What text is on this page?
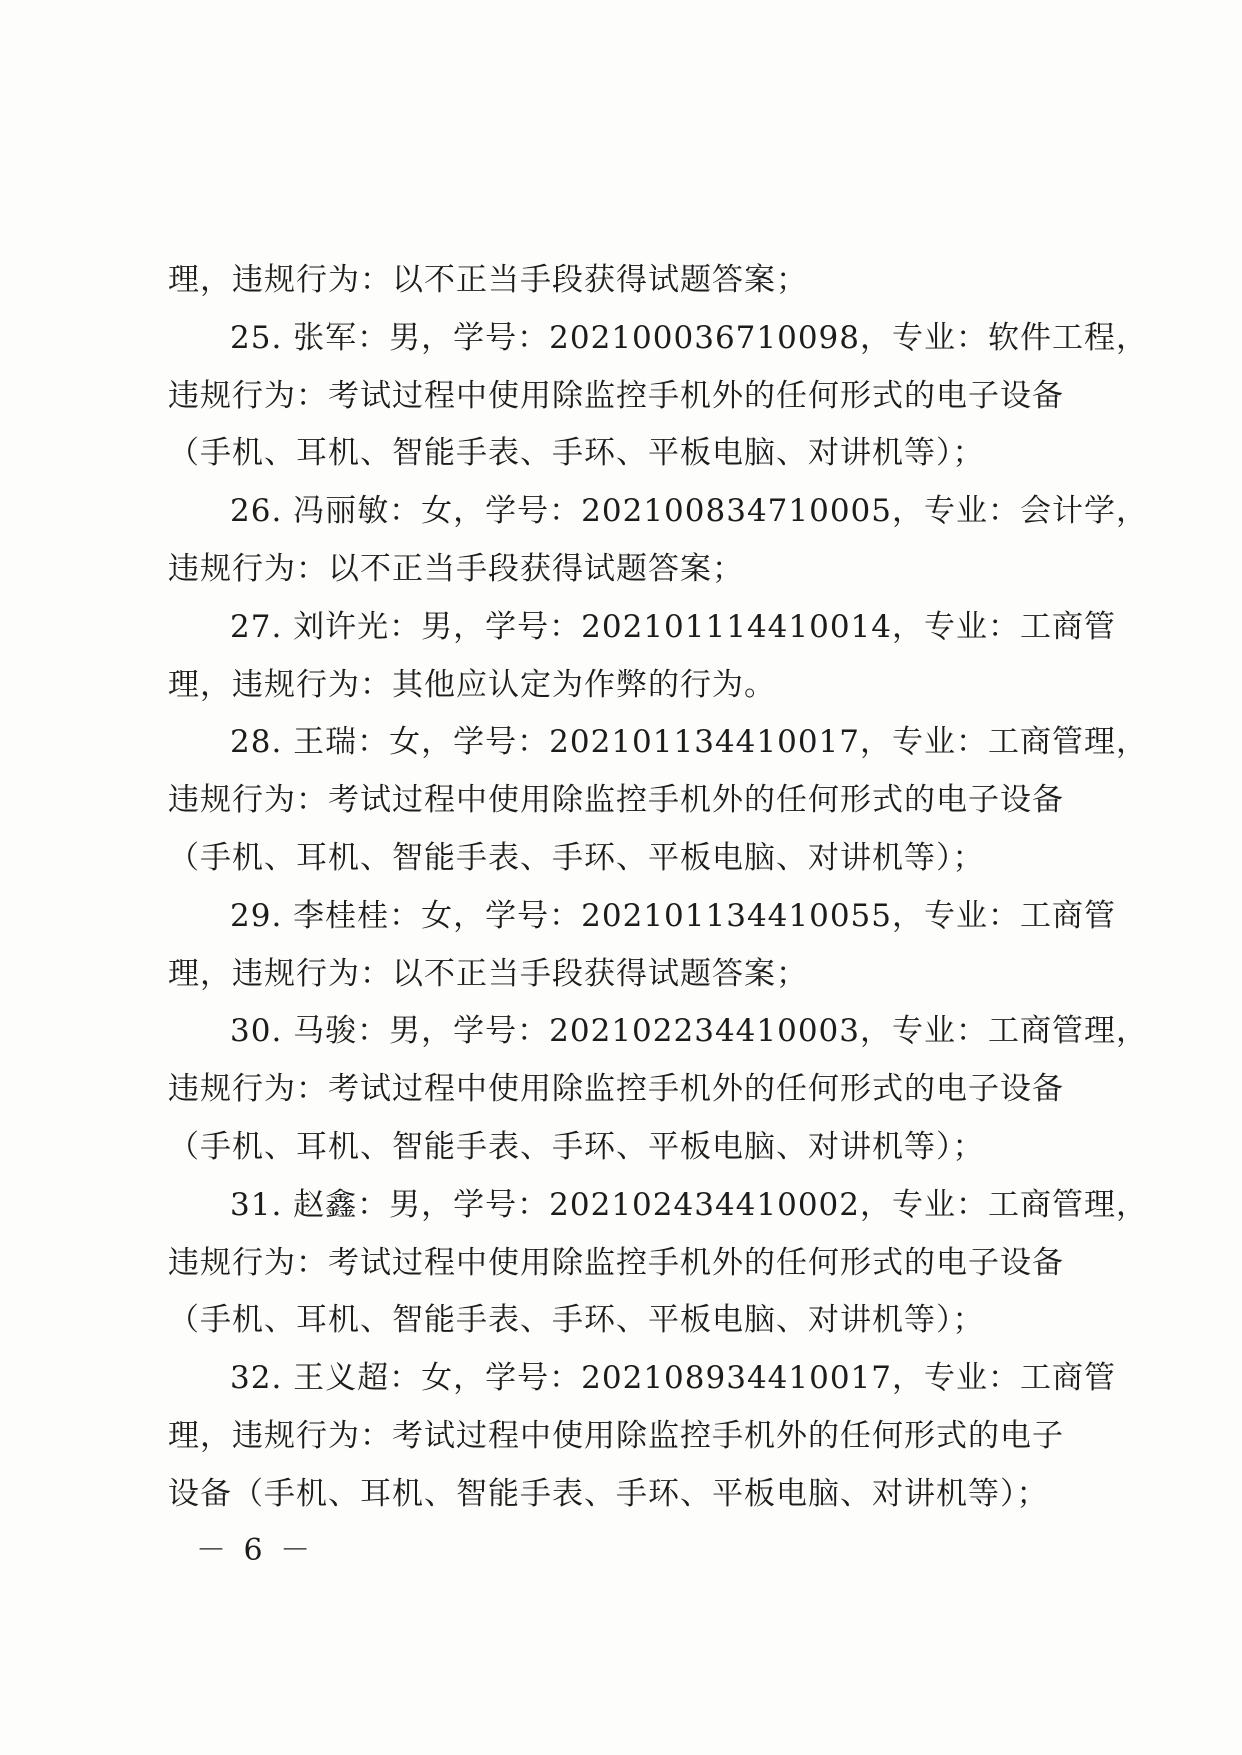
理，违规行为：以不正当手段获得试题答案；
25. 张军：男，学号：202100036710098，专业：软件工程，
违规行为：考试过程中使用除监控手机外的任何形式的电子设备
（手机、耳机、智能手表、手环、平板电脑、对讲机等）；
26. 冯丽敏：女，学号：202100834710005，专业：会计学，
违规行为：以不正当手段获得试题答案；
27. 刘许光：男，学号：202101114410014，专业：工商管
理，违规行为：其他应认定为作弊的行为。
28. 王瑞：女，学号：202101134410017，专业：工商管理，
违规行为：考试过程中使用除监控手机外的任何形式的电子设备
（手机、耳机、智能手表、手环、平板电脑、对讲机等）；
29. 李桂桂：女，学号：202101134410055，专业：工商管
理，违规行为：以不正当手段获得试题答案；
30. 马骏：男，学号：202102234410003，专业：工商管理，
违规行为：考试过程中使用除监控手机外的任何形式的电子设备
（手机、耳机、智能手表、手环、平板电脑、对讲机等）；
31. 赵鑫：男，学号：202102434410002，专业：工商管理，
违规行为：考试过程中使用除监控手机外的任何形式的电子设备
（手机、耳机、智能手表、手环、平板电脑、对讲机等）；
32. 王义超：女，学号：202108934410017，专业：工商管
理，违规行为：考试过程中使用除监控手机外的任何形式的电子
设备（手机、耳机、智能手表、手环、平板电脑、对讲机等）；
－ 6 －
